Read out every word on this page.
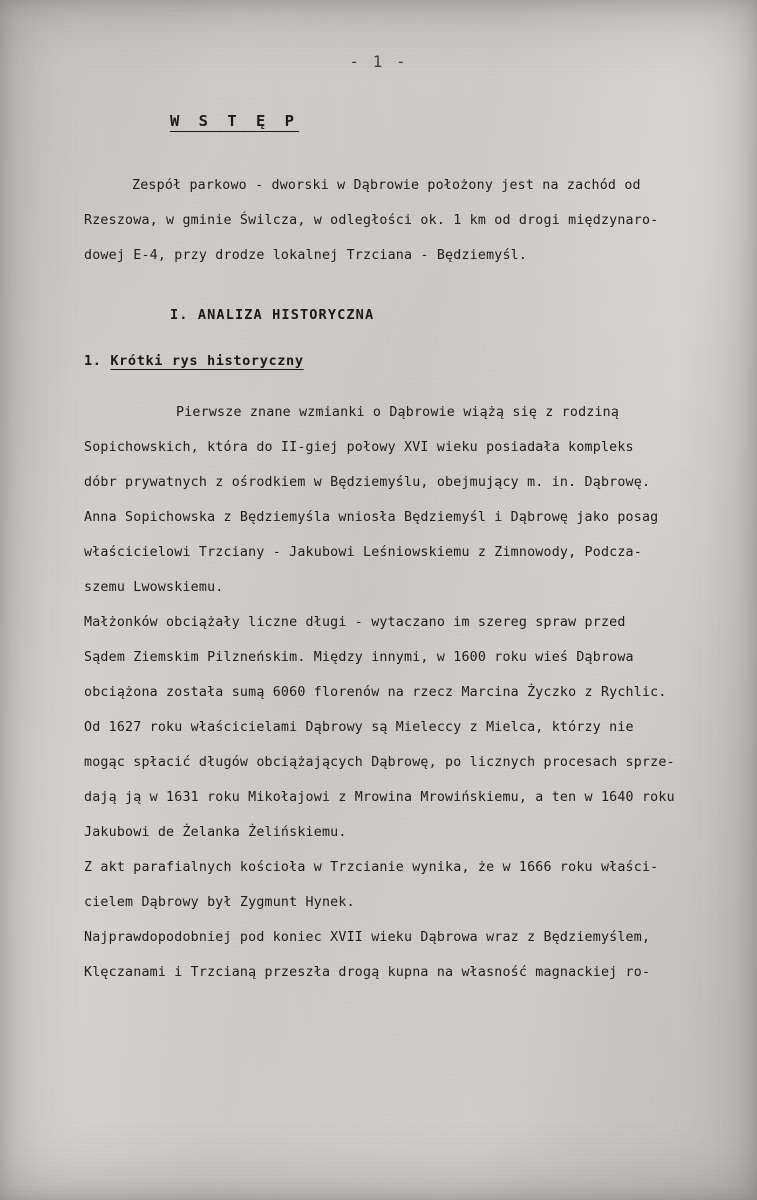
- 1 -
W S T Ę P
Zespół parkowo - dworski w Dąbrowie położony jest na zachód od
Rzeszowa, w gminie Świlcza, w odległości ok. 1 km od drogi międzynaro-
dowej E-4, przy drodze lokalnej Trzciana - Będziemyśl.
I. ANALIZA HISTORYCZNA
1. Krótki rys historyczny
Pierwsze znane wzmianki o Dąbrowie wiążą się z rodziną
Sopichowskich, która do II-giej połowy XVI wieku posiadała kompleks
dóbr prywatnych z ośrodkiem w Będziemyślu, obejmujący m. in. Dąbrowę.
Anna Sopichowska z Będziemyśla wniosła Będziemyśl i Dąbrowę jako posag
właścicielowi Trzciany - Jakubowi Leśniowskiemu z Zimnowody, Podcza-
szemu Lwowskiemu.
Małżonków obciążały liczne długi - wytaczano im szereg spraw przed
Sądem Ziemskim Pilzneńskim. Między innymi, w 1600 roku wieś Dąbrowa
obciążona została sumą 6060 florenów na rzecz Marcina Życzko z Rychlic.
Od 1627 roku właścicielami Dąbrowy są Mieleccy z Mielca, którzy nie
mogąc spłacić długów obciążających Dąbrowę, po licznych procesach sprze-
dają ją w 1631 roku Mikołajowi z Mrowina Mrowińskiemu, a ten w 1640 roku
Jakubowi de Żelanka Żelińskiemu.
Z akt parafialnych kościoła w Trzcianie wynika, że w 1666 roku właści-
cielem Dąbrowy był Zygmunt Hynek.
Najprawdopodobniej pod koniec XVII wieku Dąbrowa wraz z Będziemyślem,
Klęczanami i Trzcianą przeszła drogą kupna na własność magnackiej ro-
